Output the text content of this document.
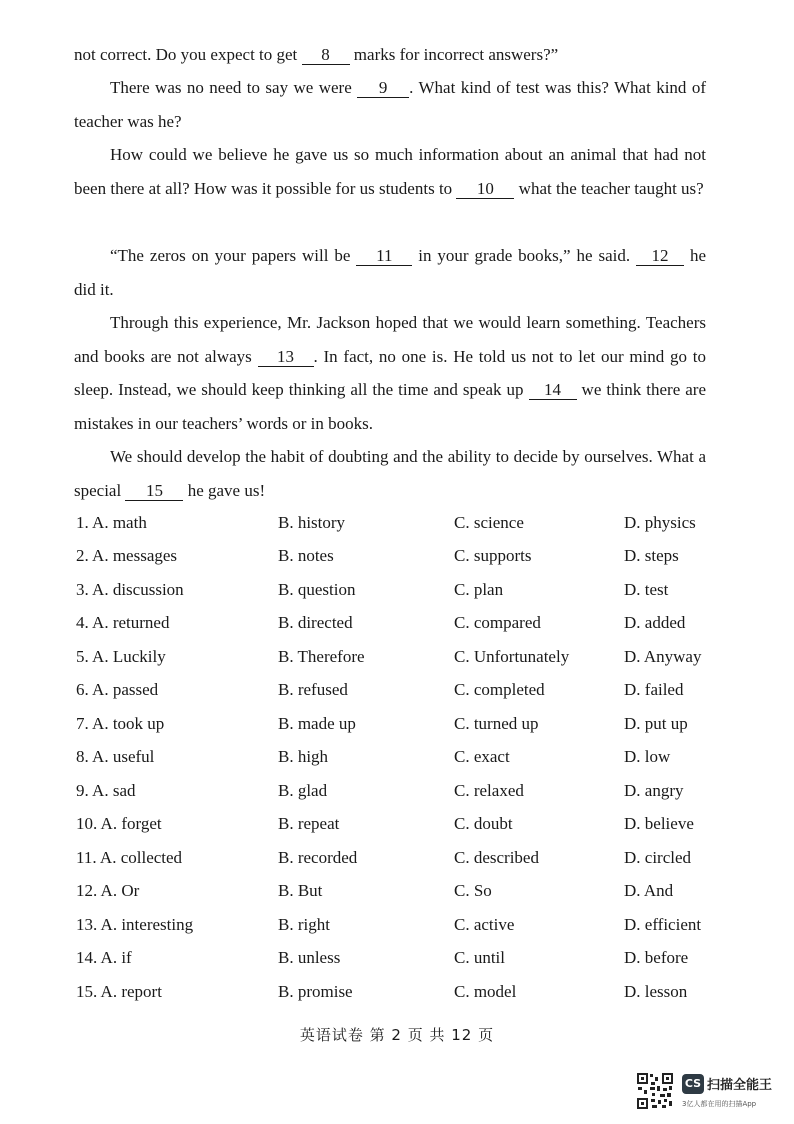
not correct. Do you expect to get 8 marks for incorrect answers?”
There was no need to say we were 9 . What kind of test was this? What kind of teacher was he?
How could we believe he gave us so much information about an animal that had not been there at all? How was it possible for us students to 10 what the teacher taught us?
“The zeros on your papers will be 11 in your grade books,” he said. 12 he did it.
Through this experience, Mr. Jackson hoped that we would learn something. Teachers and books are not always 13 . In fact, no one is. He told us not to let our mind go to sleep. Instead, we should keep thinking all the time and speak up 14 we think there are mistakes in our teachers’ words or in books.
We should develop the habit of doubting and the ability to decide by ourselves. What a special 15 he gave us!
1. A. math	B. history	C. science	D. physics
2. A. messages	B. notes	C. supports	D. steps
3. A. discussion	B. question	C. plan	D. test
4. A. returned	B. directed	C. compared	D. added
5. A. Luckily	B. Therefore	C. Unfortunately	D. Anyway
6. A. passed	B. refused	C. completed	D. failed
7. A. took up	B. made up	C. turned up	D. put up
8. A. useful	B. high	C. exact	D. low
9. A. sad	B. glad	C. relaxed	D. angry
10. A. forget	B. repeat	C. doubt	D. believe
11. A. collected	B. recorded	C. described	D. circled
12. A. Or	B. But	C. So	D. And
13. A. interesting	B. right	C. active	D. efficient
14. A. if	B. unless	C. until	D. before
15. A. report	B. promise	C. model	D. lesson
英语试卷 第 2 页 共 12 页
CS 扫描全能王
3亿人都在用的扫描App
